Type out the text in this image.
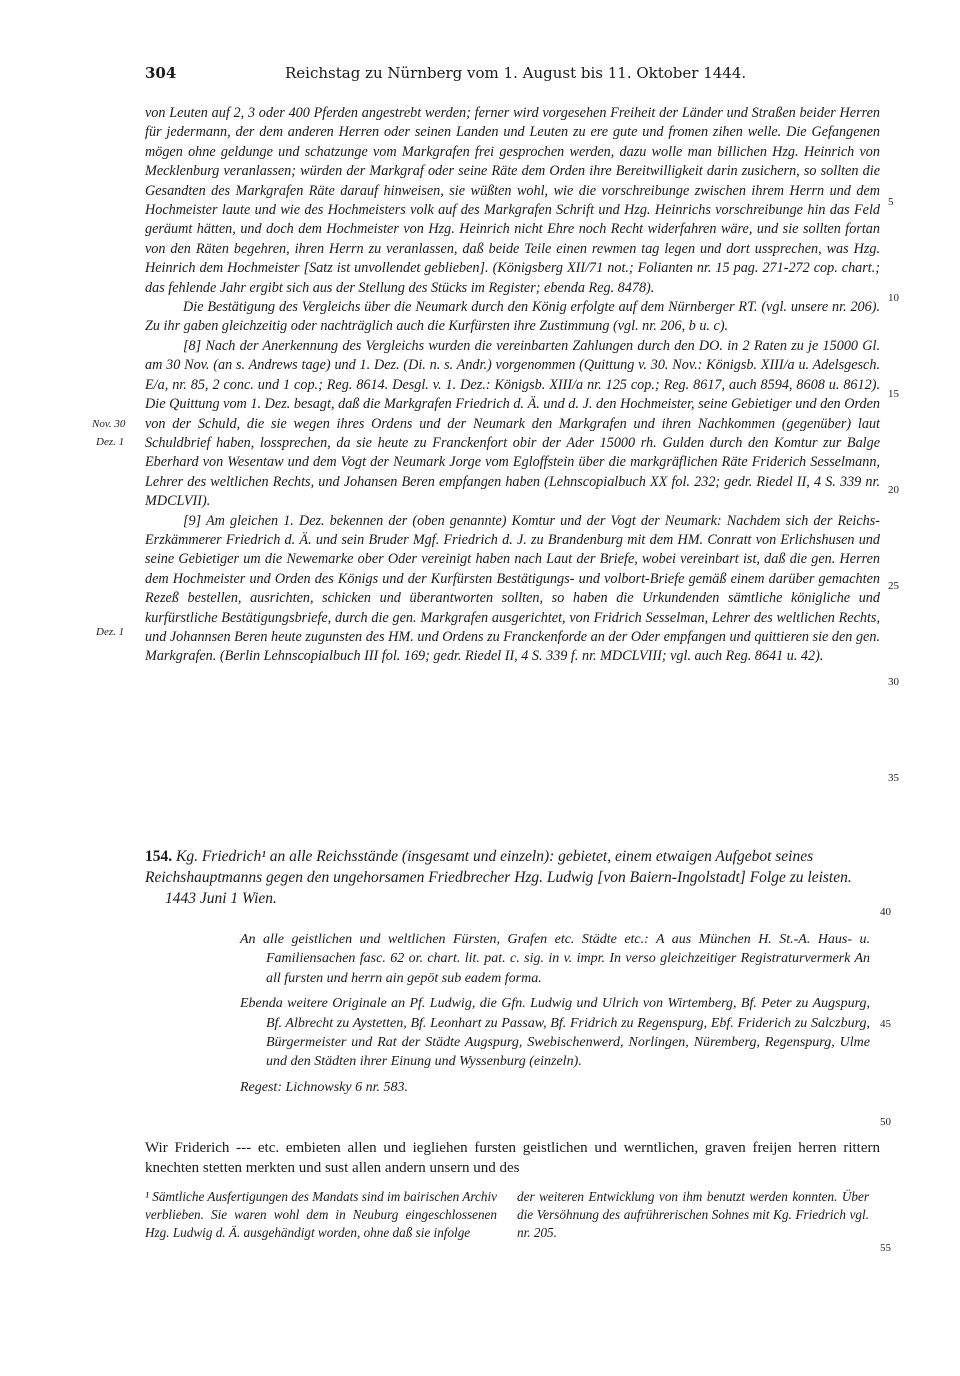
304	Reichstag zu Nürnberg vom 1. August bis 11. Oktober 1444.

von Leuten auf 2, 3 oder 400 Pferden angestrebt werden; ferner wird vorgesehen Freiheit der Länder und Straßen beider Herren für jedermann, der dem anderen Herren oder seinen Landen und Leuten zu ere gute und fromen zihen welle. Die Gefangenen mögen ohne geldunge und schatzunge vom Markgrafen frei gesprochen werden, dazu wolle man billichen Hzg. Heinrich von Mecklenburg veranlassen; würden der Markgraf oder seine Räte dem Orden ihre Bereitwilligkeit darin zusichern, so sollten die Gesandten des Markgrafen Räte darauf hinweisen, sie wüßten wohl, wie die vorschreibunge zwischen ihrem Herrn und dem Hochmeister laute und wie des Hochmeisters volk auf des Markgrafen Schrift und Hzg. Heinrichs vorschreibunge hin das Feld geräumt hätten, und doch dem Hochmeister von Hzg. Heinrich nicht Ehre noch Recht widerfahren wäre, und sie sollten fortan von den Räten begehren, ihren Herrn zu veranlassen, daß beide Teile einen rewmen tag legen und dort ussprechen, was Hzg. Heinrich dem Hochmeister [Satz ist unvollendet geblieben]. (Königsberg XII/71 not.; Folianten nr. 15 pag. 271-272 cop. chart.; das fehlende Jahr ergibt sich aus der Stellung des Stücks im Register; ebenda Reg. 8478).

Die Bestätigung des Vergleichs über die Neumark durch den König erfolgte auf dem Nürnberger RT. (vgl. unsere nr. 206). Zu ihr gaben gleichzeitig oder nachträglich auch die Kurfürsten ihre Zustimmung (vgl. nr. 206, b u. c).

[8] Nach der Anerkennung des Vergleichs wurden die vereinbarten Zahlungen durch den DO. in 2 Raten zu je 15000 Gl. am 30 Nov. (an s. Andrews tage) und 1. Dez. (Di. n. s. Andr.) vorgenommen (Quittung v. 30. Nov.: Königsb. XIII/a u. Adelsgesch. E/a, nr. 85, 2 conc. und 1 cop.; Reg. 8614. Desgl. v. 1. Dez.: Königsb. XIII/a nr. 125 cop.; Reg. 8617, auch 8594, 8608 u. 8612). Die Quittung vom 1. Dez. besagt, daß die Markgrafen Friedrich d. Ä. und d. J. den Hochmeister, seine Gebietiger und den Orden von der Schuld, die sie wegen ihres Ordens und der Neumark den Markgrafen und ihren Nachkommen (gegenüber) laut Schuldbrief haben, lossprechen, da sie heute zu Franckenfort obir der Ader 15000 rh. Gulden durch den Komtur zur Balge Eberhard von Wesentaw und dem Vogt der Neumark Jorge vom Egloffstein über die markgräflichen Räte Friderich Sesselmann, Lehrer des weltlichen Rechts, und Johansen Beren empfangen haben (Lehnscopialbuch XX fol. 232; gedr. Riedel II, 4 S. 339 nr. MDCLVII).

[9] Am gleichen 1. Dez. bekennen der (oben genannte) Komtur und der Vogt der Neumark: Nachdem sich der Reichs-Erzkämmerer Friedrich d. Ä. und sein Bruder Mgf. Friedrich d. J. zu Brandenburg mit dem HM. Conratt von Erlichshusen und seine Gebietiger um die Newemarke ober Oder vereinigt haben nach Laut der Briefe, wobei vereinbart ist, daß die gen. Herren dem Hochmeister und Orden des Königs und der Kurfürsten Bestätigungs- und volbort-Briefe gemäß einem darüber gemachten Rezeß bestellen, ausrichten, schicken und überantworten sollten, so haben die Urkundenden sämtliche königliche und kurfürstliche Bestätigungsbriefe, durch die gen. Markgrafen ausgerichtet, von Fridrich Sesselman, Lehrer des weltlichen Rechts, und Johannsen Beren heute zugunsten des HM. und Ordens zu Franckenforde an der Oder empfangen und quittieren sie den gen. Markgrafen. (Berlin Lehnscopialbuch III fol. 169; gedr. Riedel II, 4 S. 339 f. nr. MDCLVIII; vgl. auch Reg. 8641 u. 42).

Nov. 30
Dez. 1
Dez. 1
5
10
15
20
25
30
35
40
45
50
55
154. Kg. Friedrich¹ an alle Reichsstände (insgesamt und einzeln): gebietet, einem etwaigen Aufgebot seines Reichshauptmanns gegen den ungehorsamen Friedbrecher Hzg. Ludwig [von Baiern-Ingolstadt] Folge zu leisten. 1443 Juni 1 Wien.

An alle geistlichen und weltlichen Fürsten, Grafen etc. Städte etc.: A aus München H. St.-A. Haus- u. Familiensachen fasc. 62 or. chart. lit. pat. c. sig. in v. impr. In verso gleichzeitiger Registraturvermerk An all fursten und herrn ain gepöt sub eadem forma.

Ebenda weitere Originale an Pf. Ludwig, die Gfn. Ludwig und Ulrich von Wirtemberg, Bf. Peter zu Augspurg, Bf. Albrecht zu Aystetten, Bf. Leonhart zu Passaw, Bf. Fridrich zu Regenspurg, Ebf. Friderich zu Salczburg, Bürgermeister und Rat der Städte Augspurg, Swebischenwerd, Norlingen, Nüremberg, Regenspurg, Ulme und den Städten ihrer Einung und Wyssenburg (einzeln).

Regest: Lichnowsky 6 nr. 583.

Wir Friderich --- etc. embieten allen und iegliehen fursten geistlichen und werntlichen, graven freijen herren rittern knechten stetten merkten und sust allen andern unsern und des
¹ Sämtliche Ausfertigungen des Mandats sind im bairischen Archiv verblieben. Sie waren wohl dem in Neuburg eingeschlossenen Hzg. Ludwig d. Ä. ausgehändigt worden, ohne daß sie infolge
der weiteren Entwicklung von ihm benutzt werden konnten. Über die Versöhnung des aufrührerischen Sohnes mit Kg. Friedrich vgl. nr. 205.
